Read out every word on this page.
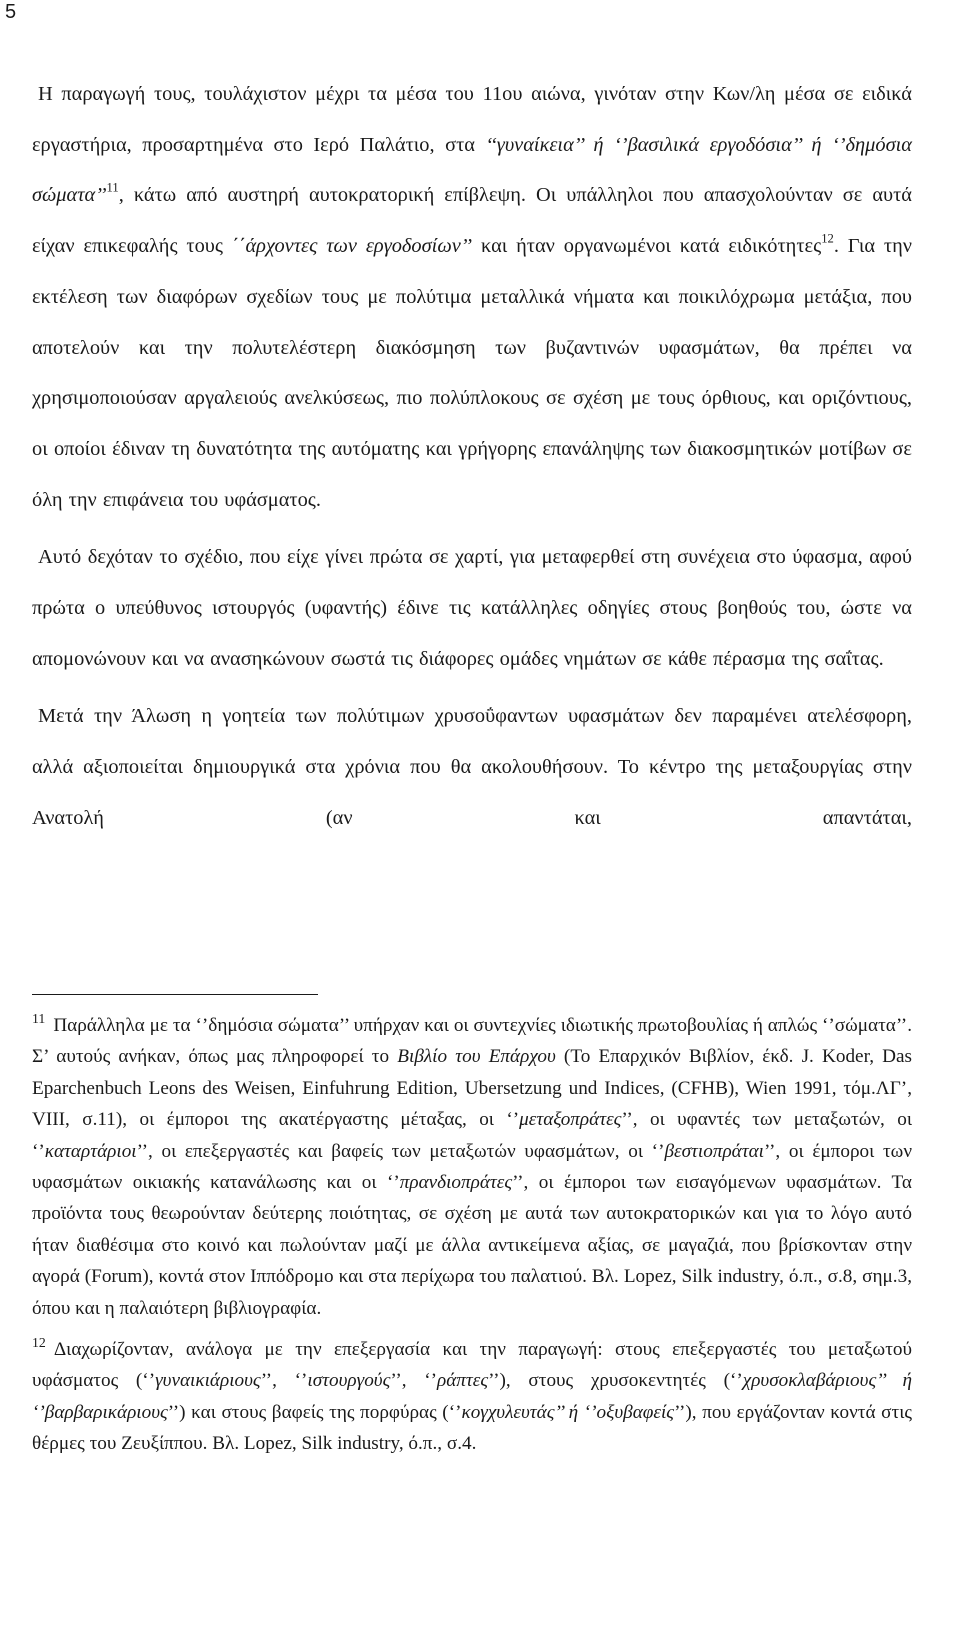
5

Η παραγωγή τους, τουλάχιστον μέχρι τα μέσα του 11ου αιώνα, γινόταν στην Κων/λη μέσα σε ειδικά εργαστήρια, προσαρτημένα στο Ιερό Παλάτιο, στα ‘‘γυναίκεια’’ ή ‘’βασιλικά εργοδόσια’’ ή ‘’δημόσια σώματα’’$^{11}$, κάτω από αυστηρή αυτοκρατορική επίβλεψη. Οι υπάλληλοι που απασχολούνταν σε αυτά είχαν επικεφαλής τους ΄΄άρχοντες των εργοδοσίων’’ και ήταν οργανωμένοι κατά ειδικότητες$^{12}$. Για την εκτέλεση των διαφόρων σχεδίων τους με πολύτιμα μεταλλικά νήματα και ποικιλόχρωμα μετάξια, που αποτελούν και την πολυτελέστερη διακόσμηση των βυζαντινών υφασμάτων, θα πρέπει να χρησιμοποιούσαν αργαλειούς ανελκύσεως, πιο πολύπλοκους σε σχέση με τους όρθιους, και οριζόντιους, οι οποίοι έδιναν τη δυνατότητα της αυτόματης και γρήγορης επανάληψης των διακοσμητικών μοτίβων σε όλη την επιφάνεια του υφάσματος.

Αυτό δεχόταν το σχέδιο, που είχε γίνει πρώτα σε χαρτί, για μεταφερθεί στη συνέχεια στο ύφασμα, αφού πρώτα ο υπεύθυνος ιστουργός (υφαντής) έδινε τις κατάλληλες οδηγίες στους βοηθούς του, ώστε να απομονώνουν και να ανασηκώνουν σωστά τις διάφορες ομάδες νημάτων σε κάθε πέρασμα της σαΐτας.

Μετά την Άλωση η γοητεία των πολύτιμων χρυσοΰφαντων υφασμάτων δεν παραμένει ατελέσφορη, αλλά αξιοποιείται δημιουργικά στα χρόνια που θα ακολουθήσουν. Το κέντρο της μεταξουργίας στην Ανατολή (αν και απαντάται,

$^{11}$ Παράλληλα με τα ‘’δημόσια σώματα’’ υπήρχαν και οι συντεχνίες ιδιωτικής πρωτοβουλίας ή απλώς ‘’σώματα’’. Σ’ αυτούς ανήκαν, όπως μας πληροφορεί το Βιβλίο του Επάρχου (Το Επαρχικόν Βιβλίον, έκδ. J. Koder, Das Eparchenbuch Leons des Weisen, Einfuhrung Edition, Ubersetzung und Indices, (CFHB), Wien 1991, τόμ.ΛΓ’, VIII, σ.11), οι έμποροι της ακατέργαστης μέταξας, οι ‘’μεταξοπράτες’’, οι υφαντές των μεταξωτών, οι ‘’καταρτάριοι’’, οι επεξεργαστές και βαφείς των μεταξωτών υφασμάτων, οι ‘’βεστιοπράται’’, οι έμποροι των υφασμάτων οικιακής κατανάλωσης και οι ‘’πρανδιοπράτες’’, οι έμποροι των εισαγόμενων υφασμάτων. Τα προϊόντα τους θεωρούνταν δεύτερης ποιότητας, σε σχέση με αυτά των αυτοκρατορικών και για το λόγο αυτό ήταν διαθέσιμα στο κοινό και πωλούνταν μαζί με άλλα αντικείμενα αξίας, σε μαγαζιά, που βρίσκονταν στην αγορά (Forum), κοντά στον Ιππόδρομο και στα περίχωρα του παλατιού. Βλ. Lopez, Silk industry, ό.π., σ.8, σημ.3, όπου και η παλαιότερη βιβλιογραφία.

$^{12}$ Διαχωρίζονταν, ανάλογα με την επεξεργασία και την παραγωγή: στους επεξεργαστές του μεταξωτού υφάσματος (‘’γυναικιάριους’’, ‘’ιστουργούς’’, ‘’ράπτες’’), στους χρυσοκεντητές (‘’χρυσοκλαβάριους’’ ή ‘’βαρβαρικάριους’’) και στους βαφείς της πορφύρας (‘’κογχυλευτάς’’ ή ‘’οξυβαφείς’’), που εργάζονταν κοντά στις θέρμες του Ζευξίππου. Βλ. Lopez, Silk industry, ό.π., σ.4.
